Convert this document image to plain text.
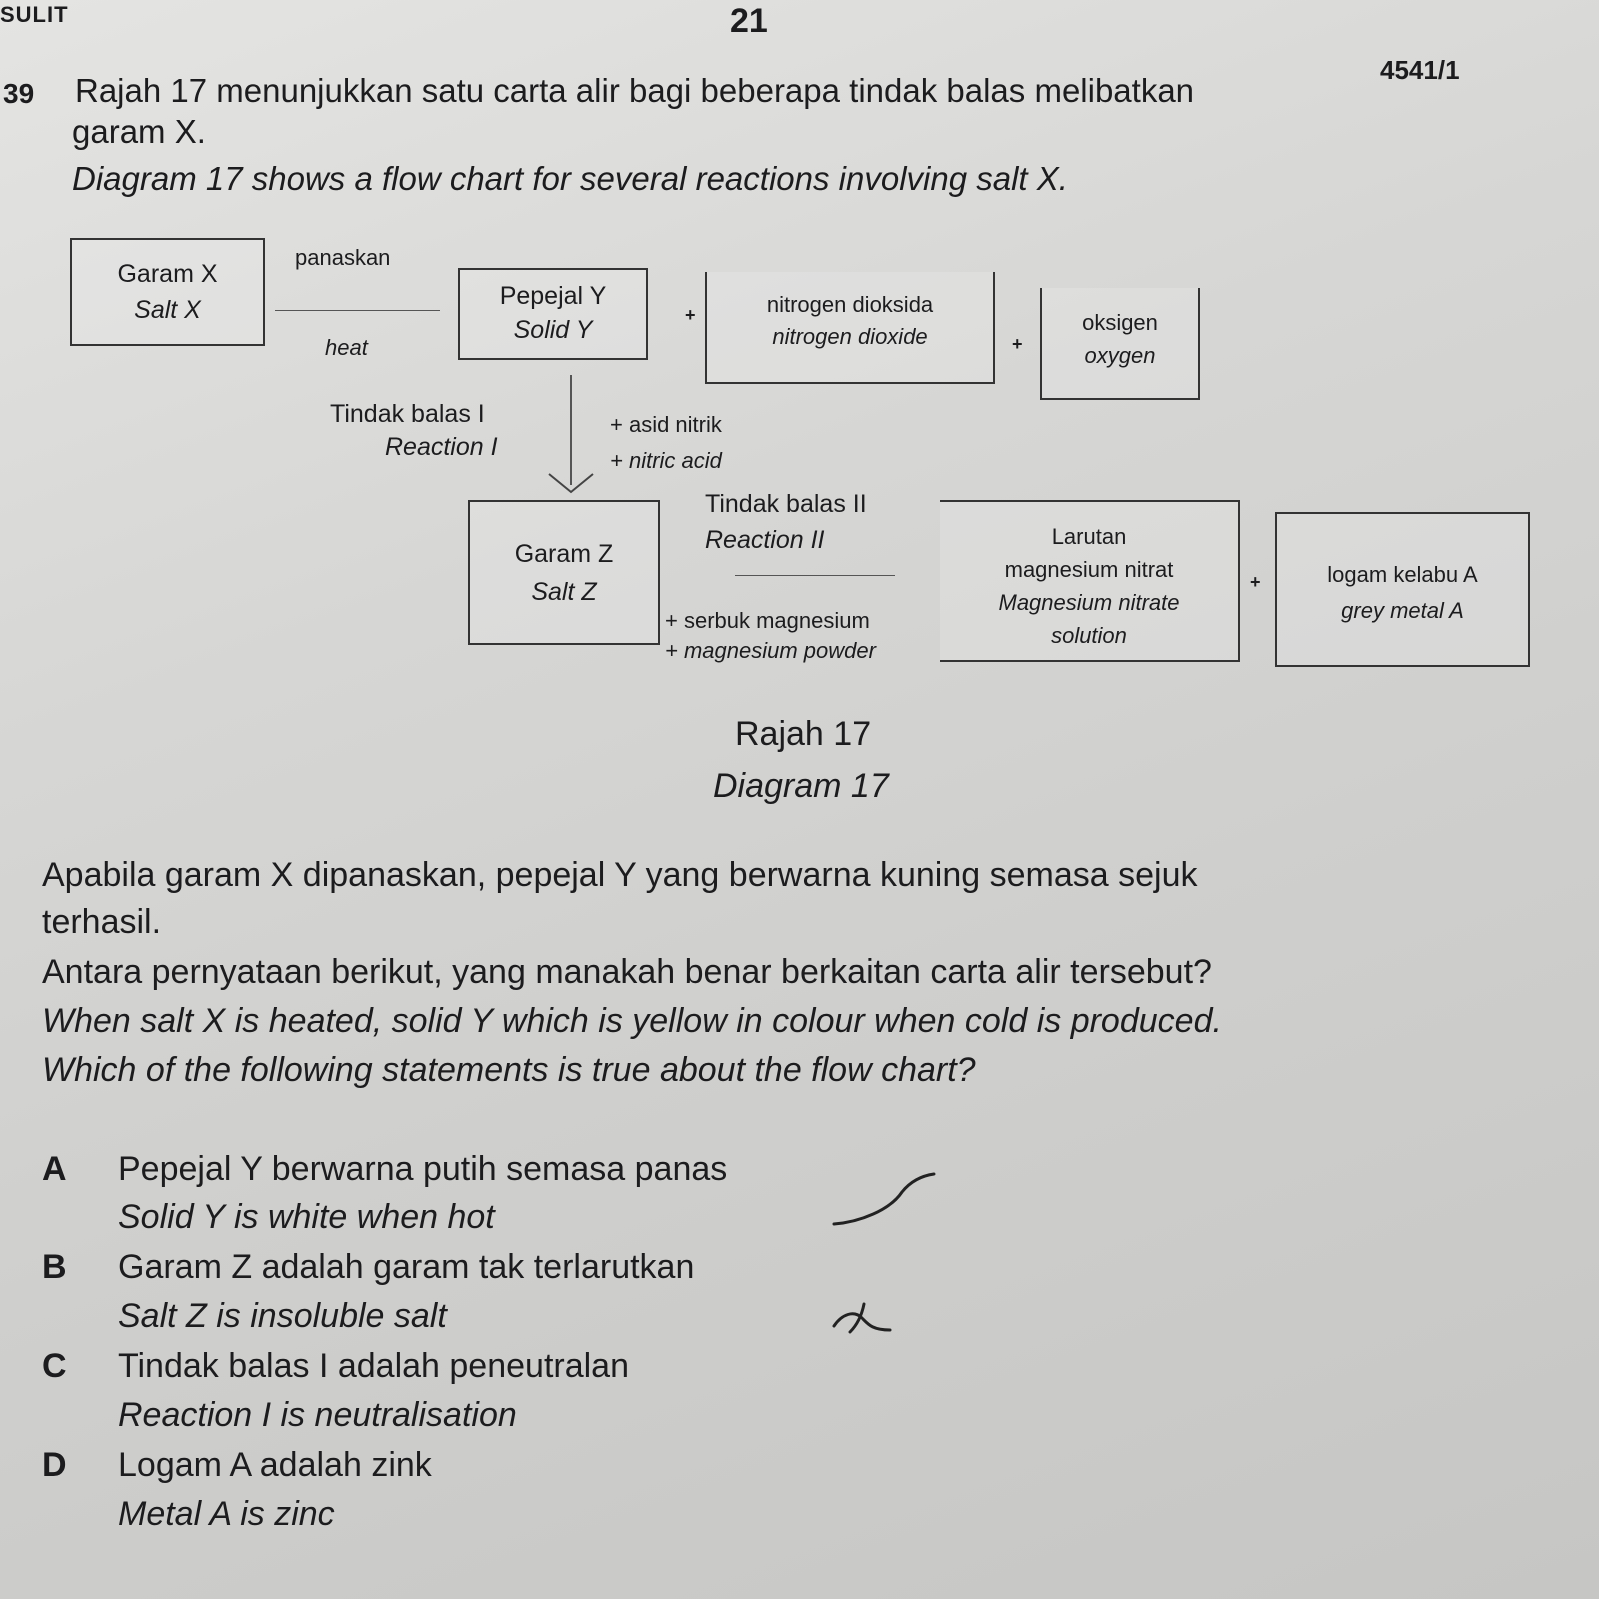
SULIT	21
4541/1
39 Rajah 17 menunjukkan satu carta alir bagi beberapa tindak balas melibatkan
garam X.
Diagram 17 shows a flow chart for several reactions involving salt X.
Garam X
Salt X
panaskan
heat
Pepejal Y
Solid Y
+	nitrogen dioksida
nitrogen dioxide	+
oksigen
oxygen
Tindak balas I
Reaction I
+ asid nitrik
+ nitric acid
Garam Z
Salt Z
Tindak balas II
Reaction II
+ serbuk magnesium
+ magnesium powder
Larutan
magnesium nitrat
Magnesium nitrate
solution
+	logam kelabu A
grey metal A
Rajah 17
Diagram 17
Apabila garam X dipanaskan, pepejal Y yang berwarna kuning semasa sejuk
terhasil.
Antara pernyataan berikut, yang manakah benar berkaitan carta alir tersebut?
When salt X is heated, solid Y which is yellow in colour when cold is produced.
Which of the following statements is true about the flow chart?
A Pepejal Y berwarna putih semasa panas
Solid Y is white when hot
B Garam Z adalah garam tak terlarutkan
Salt Z is insoluble salt
C Tindak balas I adalah peneutralan
Reaction I is neutralisation
D Logam A adalah zink
Metal A is zinc
